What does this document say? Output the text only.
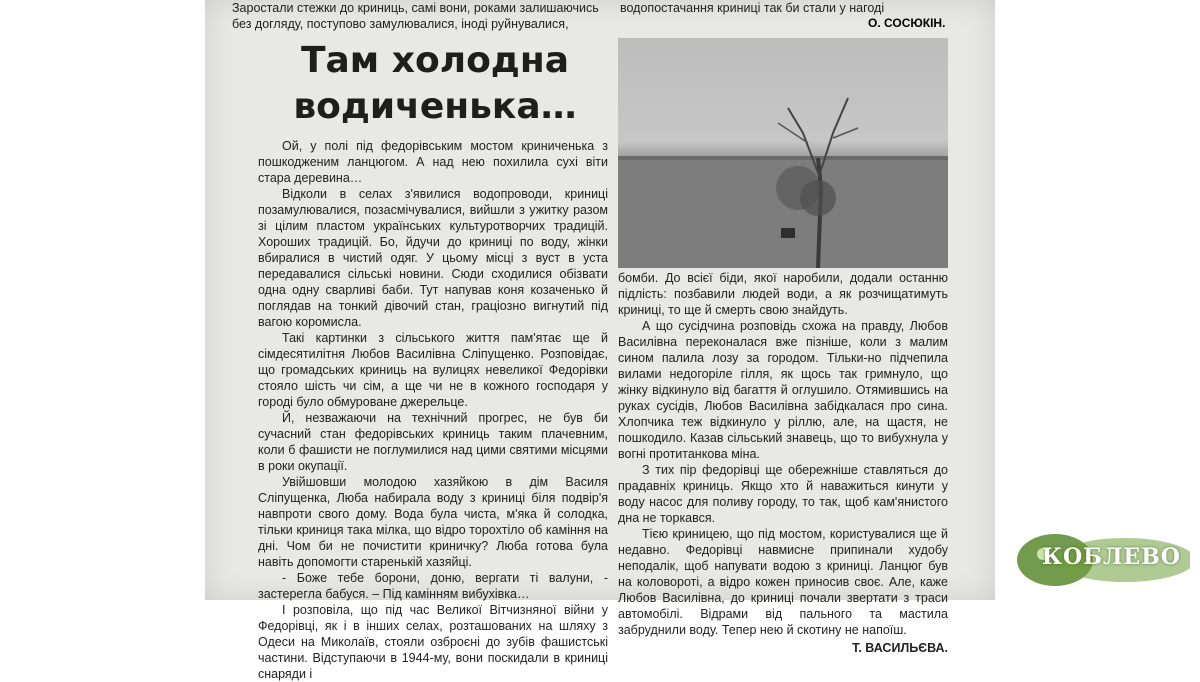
Заростали стежки до криниць, самі вони, роками залишаючись без догляду, поступово замулювалися, іноді руйнувалися,
водопостачання криниці так би стали у нагоді
О. СОСЮКІН.
Там холодна водиченька…

Ой, у полі під федорівським мостом криниченька з пошкодженим ланцюгом. А над нею похилила сухі віти стара деревина…

Відколи в селах з'явилися водопроводи, криниці позамулювалися, позасмічувалися, вийшли з ужитку разом зі цілим пластом українських культуротворчих традицій. Хороших традицій. Бо, йдучи до криниці по воду, жінки вбиралися в чистий одяг. У цьому місці з вуст в уста передавалися сільські новини. Сюди сходилися обізвати одна одну сварливі баби. Тут напував коня козаченько й поглядав на тонкий дівочий стан, граціозно вигнутий під вагою коромисла.

Такі картинки з сільського життя пам'ятає ще й сімдесятилітня Любов Василівна Сліпущенко. Розповідає, що громадських криниць на вулицях невеликої Федорівки стояло шість чи сім, а ще чи не в кожного господаря у городі було обмуроване джерельце.

Й, незважаючи на технічний прогрес, не був би сучасний стан федорівських криниць таким плачевним, коли б фашисти не поглумилися над цими святими місцями в роки окупації.

Увійшовши молодою хазяйкою в дім Василя Сліпущенка, Люба набирала воду з криниці біля подвір'я навпроти свого дому. Вода була чиста, м'яка й солодка, тільки криниця така мілка, що відро торохтіло об каміння на дні. Чом би не почистити криничку? Люба готова була навіть допомогти старенькій хазяйці.

- Боже тебе борони, доню, вергати ті валуни, - застерегла бабуся. – Під камінням вибухівка…

І розповіла, що під час Великої Вітчизняної війни у Федорівці, як і в інших селах, розташованих на шляху з Одеси на Миколаїв, стояли озброєні до зубів фашистські частини. Відступаючи в 1944-му, вони поскидали в криниці снаряди і

бомби. До всієї біди, якої наробили, додали останню підлість: позбавили людей води, а як розчищатимуть криниці, то ще й смерть свою знайдуть.

А що сусідчина розповідь схожа на правду, Любов Василівна переконалася вже пізніше, коли з малим сином палила лозу за городом. Тільки-но підчепила вилами недогоріле гілля, як щось так гримнуло, що жінку відкинуло від багаття й оглушило. Отямившись на руках сусідів, Любов Василівна забідкалася про сина. Хлопчика теж відкинуло у ріллю, але, на щастя, не пошкодило. Казав сільський знавець, що то вибухнула у вогні протитанкова міна.

З тих пір федорівці ще обережніше ставляться до прадавніх криниць. Якщо хто й наважиться кинути у воду насос для поливу городу, то так, щоб кам'янистого дна не торкався.

Тією криницею, що під мостом, користувалися ще й недавно. Федорівці навмисне припинали худобу неподалік, щоб напувати водою з криниці. Ланцюг був на коловороті, а відро кожен приносив своє. Але, каже Любов Василівна, до криниці почали звертати з траси автомобілі. Відрами від пального та мастила забруднили воду. Тепер нею й скотину не напоїш.

Т. ВАСИЛЬЄВА.

КОБЛЕВО
